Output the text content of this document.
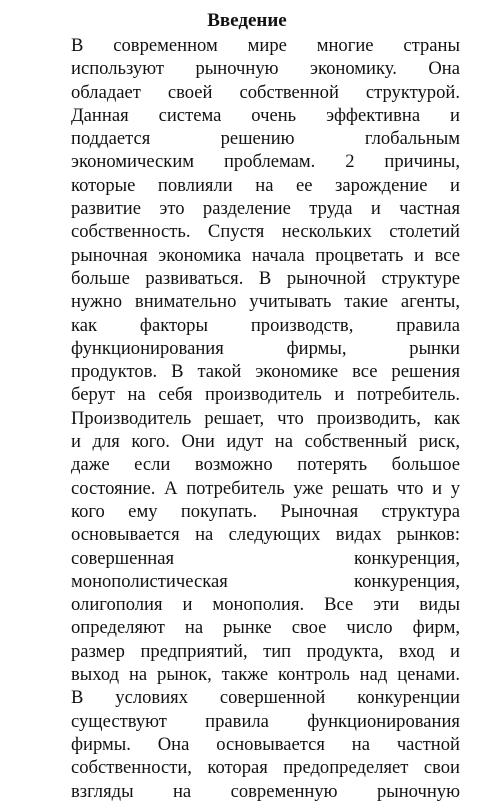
Введение
В современном мире многие страны
используют рыночную экономику. Она
обладает своей собственной структурой.
Данная система очень эффективна и
поддается решению глобальным
экономическим проблемам. 2 причины,
которые повлияли на ее зарождение и
развитие это разделение труда и частная
собственность. Спустя нескольких столетий
рыночная экономика начала процветать и все
больше развиваться. В рыночной структуре
нужно внимательно учитывать такие агенты,
как факторы производств, правила
функционирования фирмы, рынки
продуктов. В такой экономике все решения
берут на себя производитель и потребитель.
Производитель решает, что производить, как
и для кого. Они идут на собственный риск,
даже если возможно потерять большое
состояние. А потребитель уже решать что и у
кого ему покупать. Рыночная структура
основывается на следующих видах рынков:
совершенная конкуренция,
монополистическая конкуренция,
олигополия и монополия. Все эти виды
определяют на рынке свое число фирм,
размер предприятий, тип продукта, вход и
выход на рынок, также контроль над ценами.
В условиях совершенной конкуренции
существуют правила функционирования
фирмы. Она основывается на частной
собственности, которая предопределяет свои
взгляды на современную рыночную
